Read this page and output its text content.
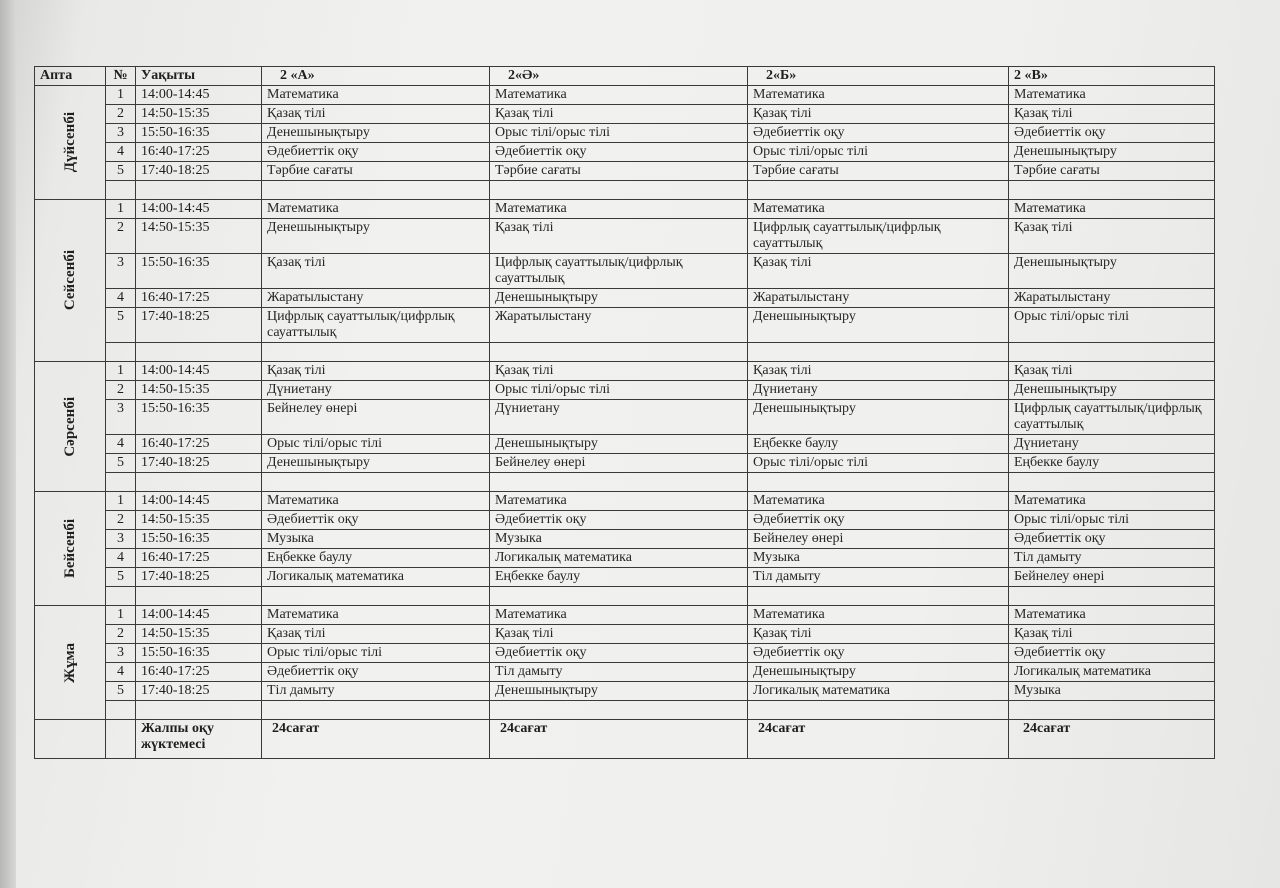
Апта	№	Уақыты	2 «А»	2«Ә»	2«Б»	2 «В»

Дүйсенбі	1	14:00-14:45	Математика	Математика	Математика	Математика
	2	14:50-15:35	Қазақ тілі	Қазақ тілі	Қазақ тілі	Қазақ тілі
	3	15:50-16:35	Денешынықтыру	Орыс тілі/орыс тілі	Әдебиеттік оқу	Әдебиеттік оқу
	4	16:40-17:25	Әдебиеттік оқу	Әдебиеттік оқу	Орыс тілі/орыс тілі	Денешынықтыру
	5	17:40-18:25	Тәрбие сағаты	Тәрбие сағаты	Тәрбие сағаты	Тәрбие сағаты

Сейсенбі	1	14:00-14:45	Математика	Математика	Математика	Математика
	2	14:50-15:35	Денешынықтыру	Қазақ тілі	Цифрлық сауаттылық/цифрлық сауаттылық	Қазақ тілі
	3	15:50-16:35	Қазақ тілі	Цифрлық сауаттылық/цифрлық сауаттылық	Қазақ тілі	Денешынықтыру
	4	16:40-17:25	Жаратылыстану	Денешынықтыру	Жаратылыстану	Жаратылыстану
	5	17:40-18:25	Цифрлық сауаттылық/цифрлық сауаттылық	Жаратылыстану	Денешынықтыру	Орыс тілі/орыс тілі

Сәрсенбі	1	14:00-14:45	Қазақ тілі	Қазақ тілі	Қазақ тілі	Қазақ тілі
	2	14:50-15:35	Дүниетану	Орыс тілі/орыс тілі	Дүниетану	Денешынықтыру
	3	15:50-16:35	Бейнелеу өнері	Дүниетану	Денешынықтыру	Цифрлық сауаттылық/цифрлық сауаттылық
	4	16:40-17:25	Орыс тілі/орыс тілі	Денешынықтыру	Еңбекке баулу	Дүниетану
	5	17:40-18:25	Денешынықтыру	Бейнелеу өнері	Орыс тілі/орыс тілі	Еңбекке баулу

Бейсенбі	1	14:00-14:45	Математика	Математика	Математика	Математика
	2	14:50-15:35	Әдебиеттік оқу	Әдебиеттік оқу	Әдебиеттік оқу	Орыс тілі/орыс тілі
	3	15:50-16:35	Музыка	Музыка	Бейнелеу өнері	Әдебиеттік оқу
	4	16:40-17:25	Еңбекке баулу	Логикалық математика	Музыка	Тіл дамыту
	5	17:40-18:25	Логикалық математика	Еңбекке баулу	Тіл дамыту	Бейнелеу өнері

Жұма	1	14:00-14:45	Математика	Математика	Математика	Математика
	2	14:50-15:35	Қазақ тілі	Қазақ тілі	Қазақ тілі	Қазақ тілі
	3	15:50-16:35	Орыс тілі/орыс тілі	Әдебиеттік оқу	Әдебиеттік оқу	Әдебиеттік оқу
	4	16:40-17:25	Әдебиеттік оқу	Тіл дамыту	Денешынықтыру	Логикалық математика
	5	17:40-18:25	Тіл дамыту	Денешынықтыру	Логикалық математика	Музыка

		Жалпы оқу жүктемесі	24сағат	24сағат	24сағат	24сағат
